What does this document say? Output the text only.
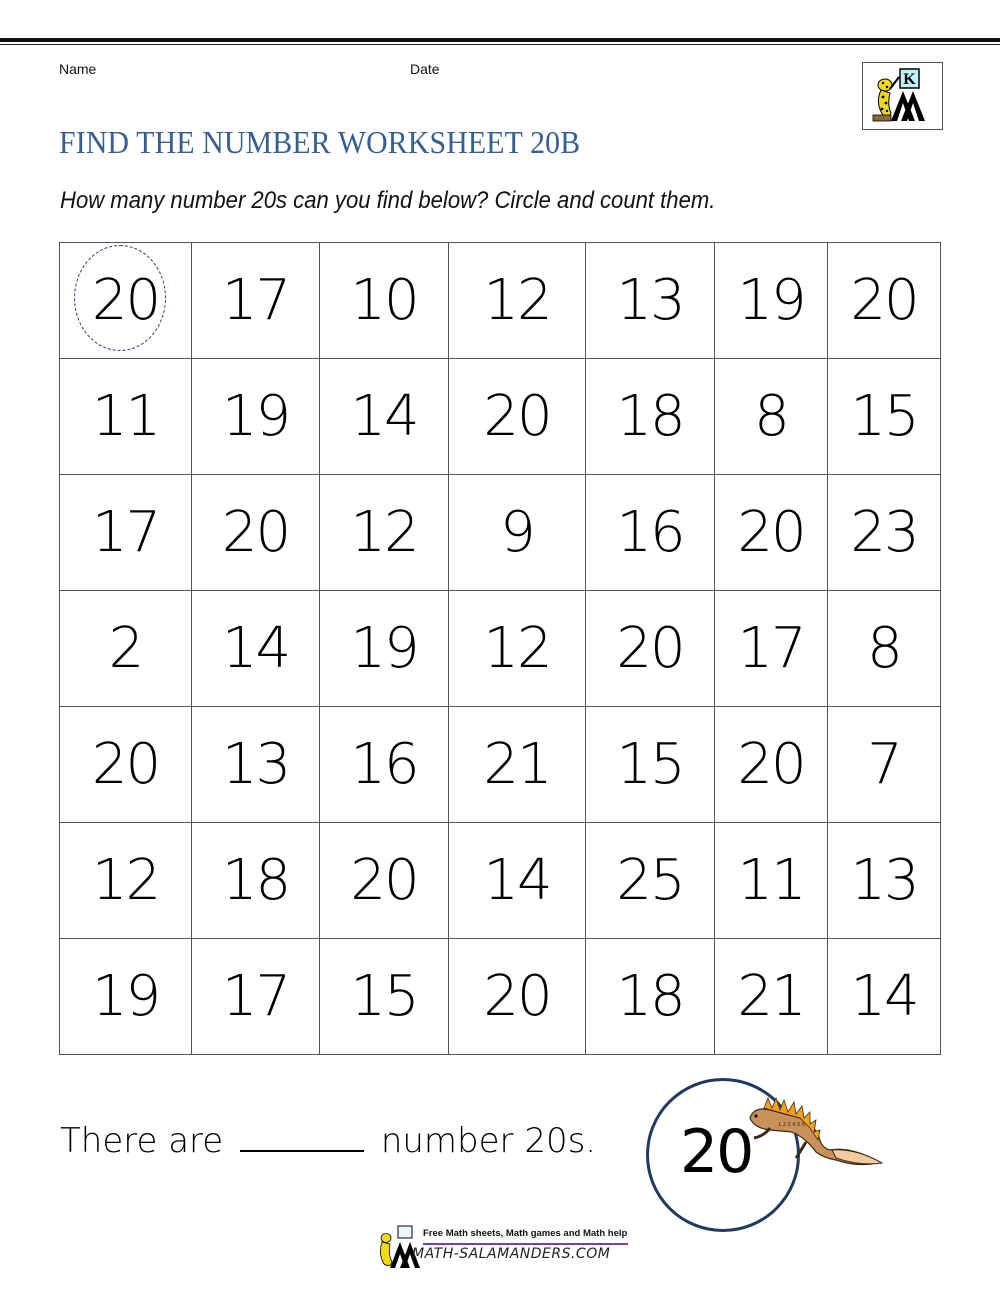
Name	Date
K
FIND THE NUMBER WORKSHEET 20B
How many number 20s can you find below? Circle and count them.
20	17	10	12	13	19	20
11	19	14	20	18	8	15
17	20	12	9	16	20	23
2	14	19	12	20	17	8
20	13	16	21	15	20	7
12	18	20	14	25	11	13
19	17	15	20	18	21	14
There are	number 20s. 20	1 2 3 4 5 6
Free Math sheets, Math games and Math help
MATH-SALAMANDERS.COM
